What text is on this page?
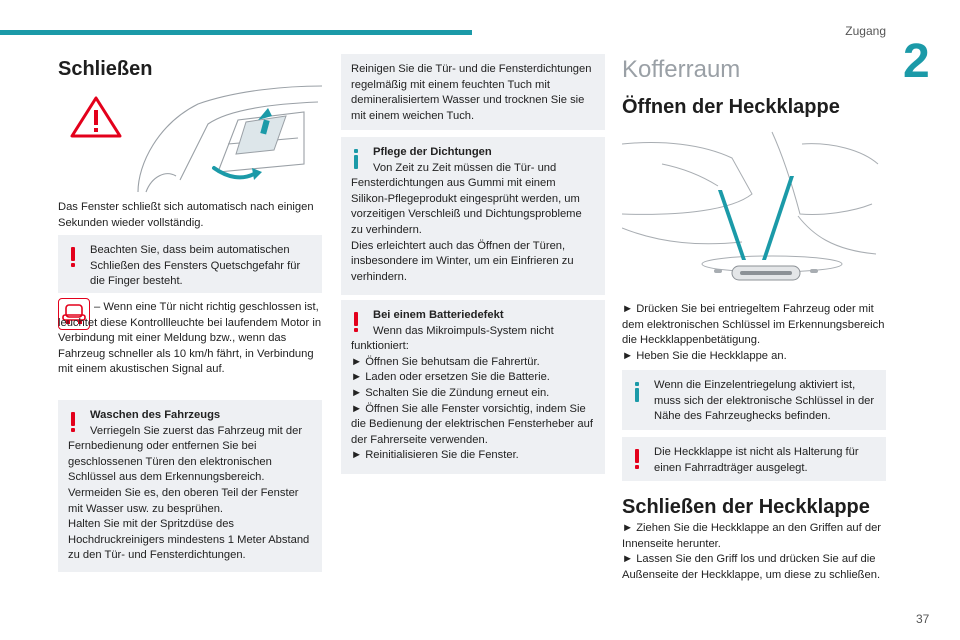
Zugang
2
37
Schließen
Das Fenster schließt sich automatisch nach einigen Sekunden wieder vollständig.
Beachten Sie, dass beim automatischen Schließen des Fensters Quetschgefahr für die Finger besteht.
– Wenn eine Tür nicht richtig geschlossen ist, leuchtet diese Kontrollleuchte bei laufendem Motor in Verbindung mit einer Meldung bzw., wenn das Fahrzeug schneller als 10 km/h fährt, in Verbindung mit einem akustischen Signal auf.
Waschen des Fahrzeugs
Verriegeln Sie zuerst das Fahrzeug mit der Fernbedienung oder entfernen Sie bei geschlossenen Türen den elektronischen Schlüssel aus dem Erkennungsbereich.
Vermeiden Sie es, den oberen Teil der Fenster mit Wasser usw. zu besprühen.
Halten Sie mit der Spritzdüse des Hochdruckreinigers mindestens 1 Meter Abstand zu den Tür- und Fensterdichtungen.
Reinigen Sie die Tür- und die Fensterdichtungen regelmäßig mit einem feuchten Tuch mit demineralisiertem Wasser und trocknen Sie sie mit einem weichen Tuch.
Pflege der Dichtungen
Von Zeit zu Zeit müssen die Tür- und Fensterdichtungen aus Gummi mit einem Silikon-Pflegeprodukt eingesprüht werden, um vorzeitigen Verschleiß und Dichtungsprobleme zu verhindern.
Dies erleichtert auch das Öffnen der Türen, insbesondere im Winter, um ein Einfrieren zu verhindern.
Bei einem Batteriedefekt
Wenn das Mikroimpuls-System nicht funktioniert:
► Öffnen Sie behutsam die Fahrertür.
► Laden oder ersetzen Sie die Batterie.
► Schalten Sie die Zündung erneut ein.
► Öffnen Sie alle Fenster vorsichtig, indem Sie die Bedienung der elektrischen Fensterheber auf der Fahrerseite verwenden.
► Reinitialisieren Sie die Fenster.
Kofferraum
Öffnen der Heckklappe
► Drücken Sie bei entriegeltem Fahrzeug oder mit dem elektronischen Schlüssel im Erkennungsbereich die Heckklappenbetätigung.
► Heben Sie die Heckklappe an.
Wenn die Einzelentriegelung aktiviert ist, muss sich der elektronische Schlüssel in der Nähe des Fahrzeughecks befinden.
Die Heckklappe ist nicht als Halterung für einen Fahrradträger ausgelegt.
Schließen der Heckklappe
► Ziehen Sie die Heckklappe an den Griffen auf der Innenseite herunter.
► Lassen Sie den Griff los und drücken Sie auf die Außenseite der Heckklappe, um diese zu schließen.
